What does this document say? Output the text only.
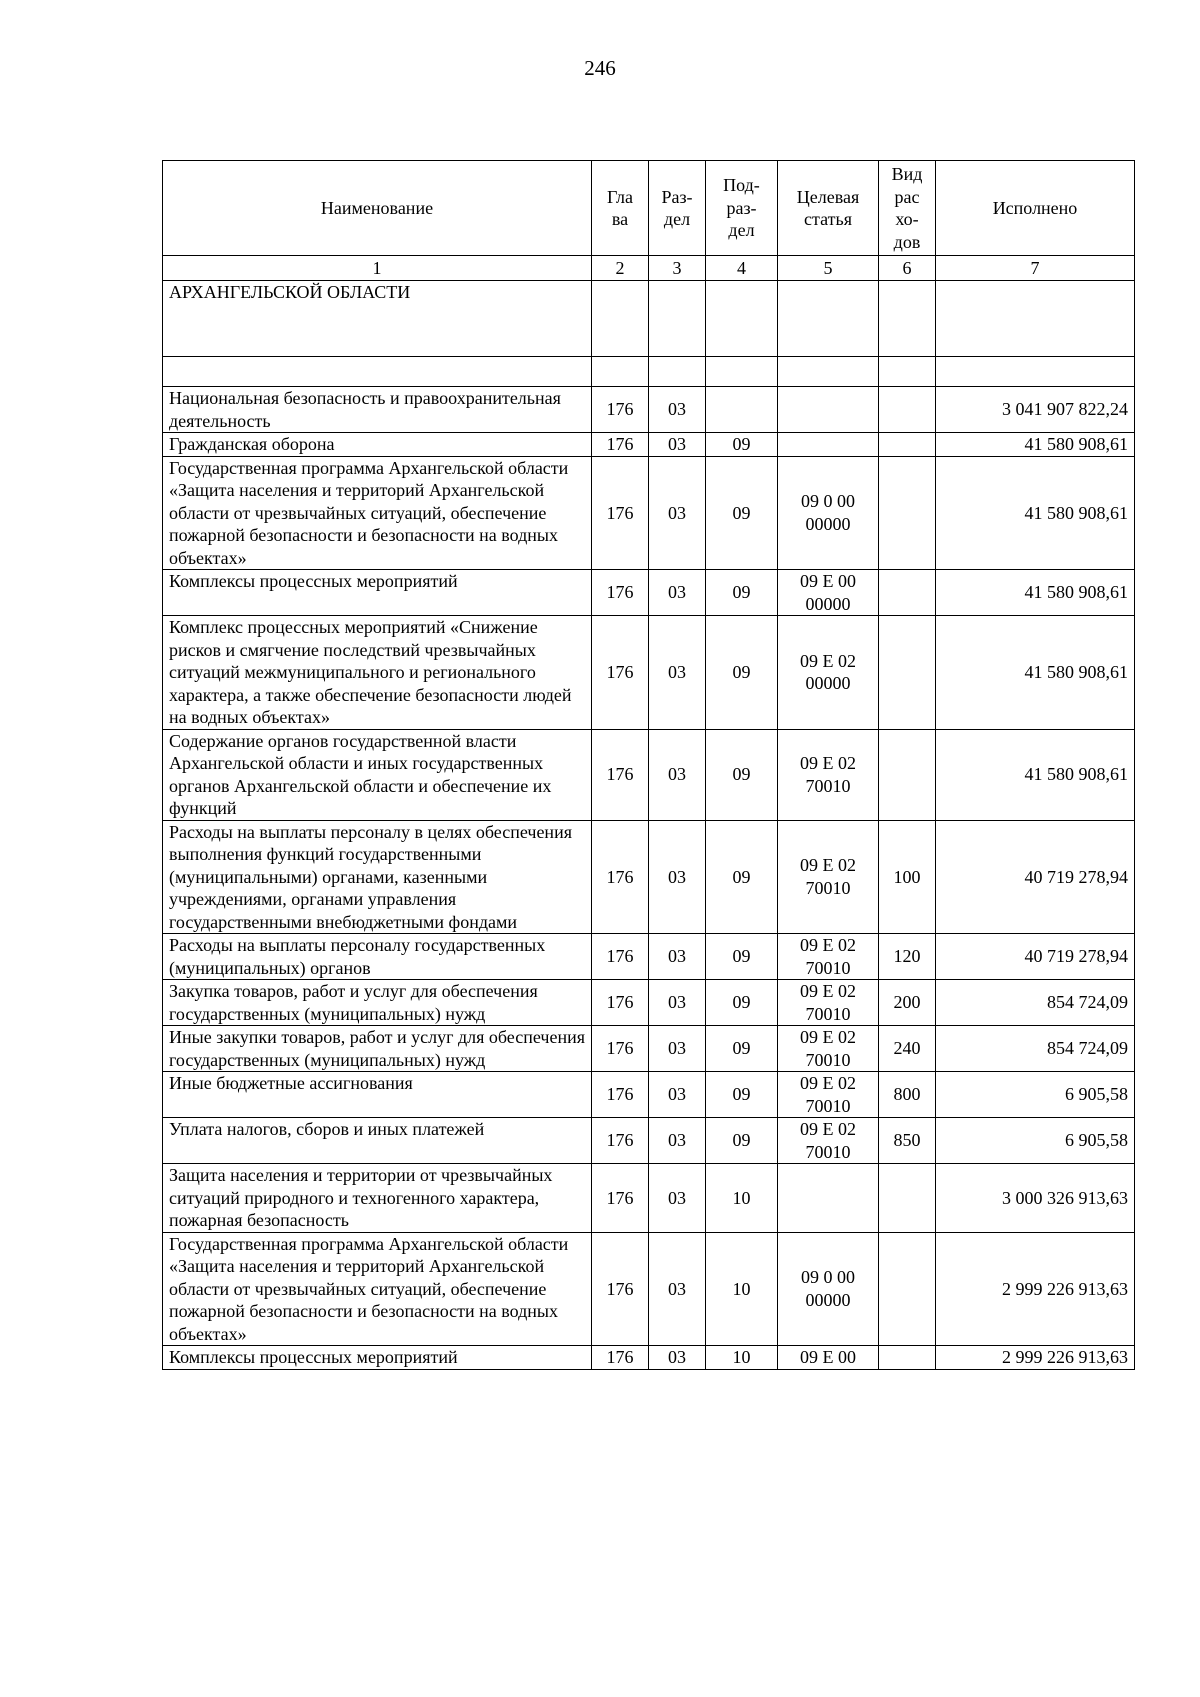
246
Наименование	Гла ва	Раз- дел	Под- раз- дел	Целевая статья	Вид рас хо- дов	Исполнено
1	2	3	4	5	6	7
АРХАНГЕЛЬСКОЙ ОБЛАСТИ						

Национальная безопасность и правоохранительная деятельность	176	03				3 041 907 822,24
Гражданская оборона	176	03	09			41 580 908,61
Государственная программа Архангельской области «Защита населения и территорий Архангельской области от чрезвычайных ситуаций, обеспечение пожарной безопасности и безопасности на водных объектах»	176	03	09	09 0 00 00000		41 580 908,61
Комплексы процессных мероприятий	176	03	09	09 Е 00 00000		41 580 908,61
Комплекс процессных мероприятий «Снижение рисков и смягчение последствий чрезвычайных ситуаций межмуниципального и регионального характера, а также обеспечение безопасности людей на водных объектах»	176	03	09	09 Е 02 00000		41 580 908,61
Содержание органов государственной власти Архангельской области и иных государственных органов Архангельской области и обеспечение их функций	176	03	09	09 Е 02 70010		41 580 908,61
Расходы на выплаты персоналу в целях обеспечения выполнения функций государственными (муниципальными) органами, казенными учреждениями, органами управления государственными внебюджетными фондами	176	03	09	09 Е 02 70010	100	40 719 278,94
Расходы на выплаты персоналу государственных (муниципальных) органов	176	03	09	09 Е 02 70010	120	40 719 278,94
Закупка товаров, работ и услуг для обеспечения государственных (муниципальных) нужд	176	03	09	09 Е 02 70010	200	854 724,09
Иные закупки товаров, работ и услуг для обеспечения государственных (муниципальных) нужд	176	03	09	09 Е 02 70010	240	854 724,09
Иные бюджетные ассигнования	176	03	09	09 Е 02 70010	800	6 905,58
Уплата налогов, сборов и иных платежей	176	03	09	09 Е 02 70010	850	6 905,58
Защита населения и территории от чрезвычайных ситуаций природного и техногенного характера, пожарная безопасность	176	03	10			3 000 326 913,63
Государственная программа Архангельской области «Защита населения и территорий Архангельской области от чрезвычайных ситуаций, обеспечение пожарной безопасности и безопасности на водных объектах»	176	03	10	09 0 00 00000		2 999 226 913,63
Комплексы процессных мероприятий	176	03	10	09 Е 00		2 999 226 913,63
